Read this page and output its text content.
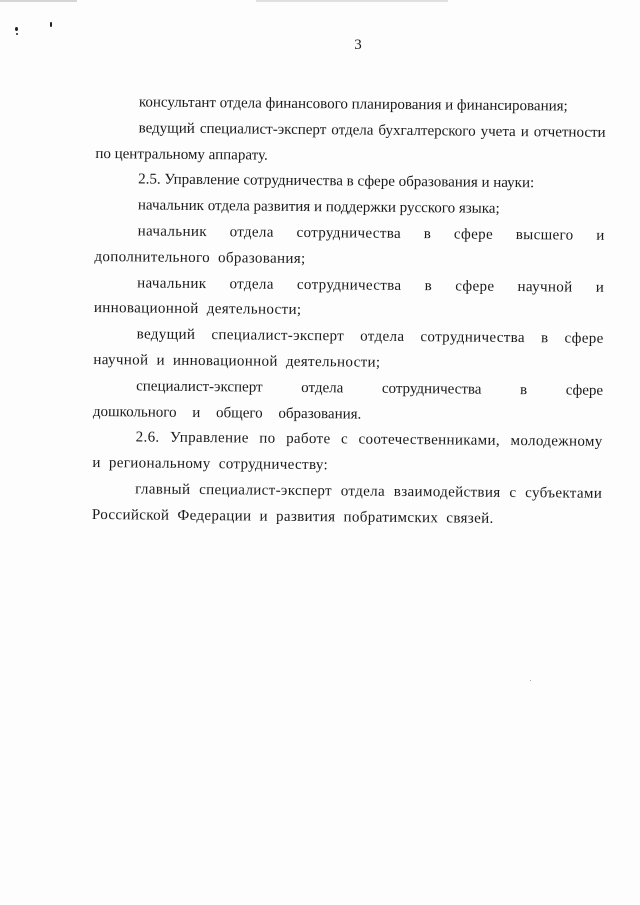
3

консультант отдела финансового планирования и финансирования;

ведущий специалист-эксперт отдела бухгалтерского учета и отчетности по центральному аппарату.

2.5. Управление сотрудничества в сфере образования и науки:

начальник отдела развития и поддержки русского языка;

начальник отдела сотрудничества в сфере высшего и дополнительного образования;

начальник отдела сотрудничества в сфере научной и инновационной деятельности;

ведущий специалист-эксперт отдела сотрудничества в сфере научной и инновационной деятельности;

специалист-эксперт отдела сотрудничества в сфере дошкольного и общего образования.

2.6. Управление по работе с соотечественниками, молодежному и региональному сотрудничеству:

главный специалист-эксперт отдела взаимодействия с субъектами Российской Федерации и развития побратимских связей.
